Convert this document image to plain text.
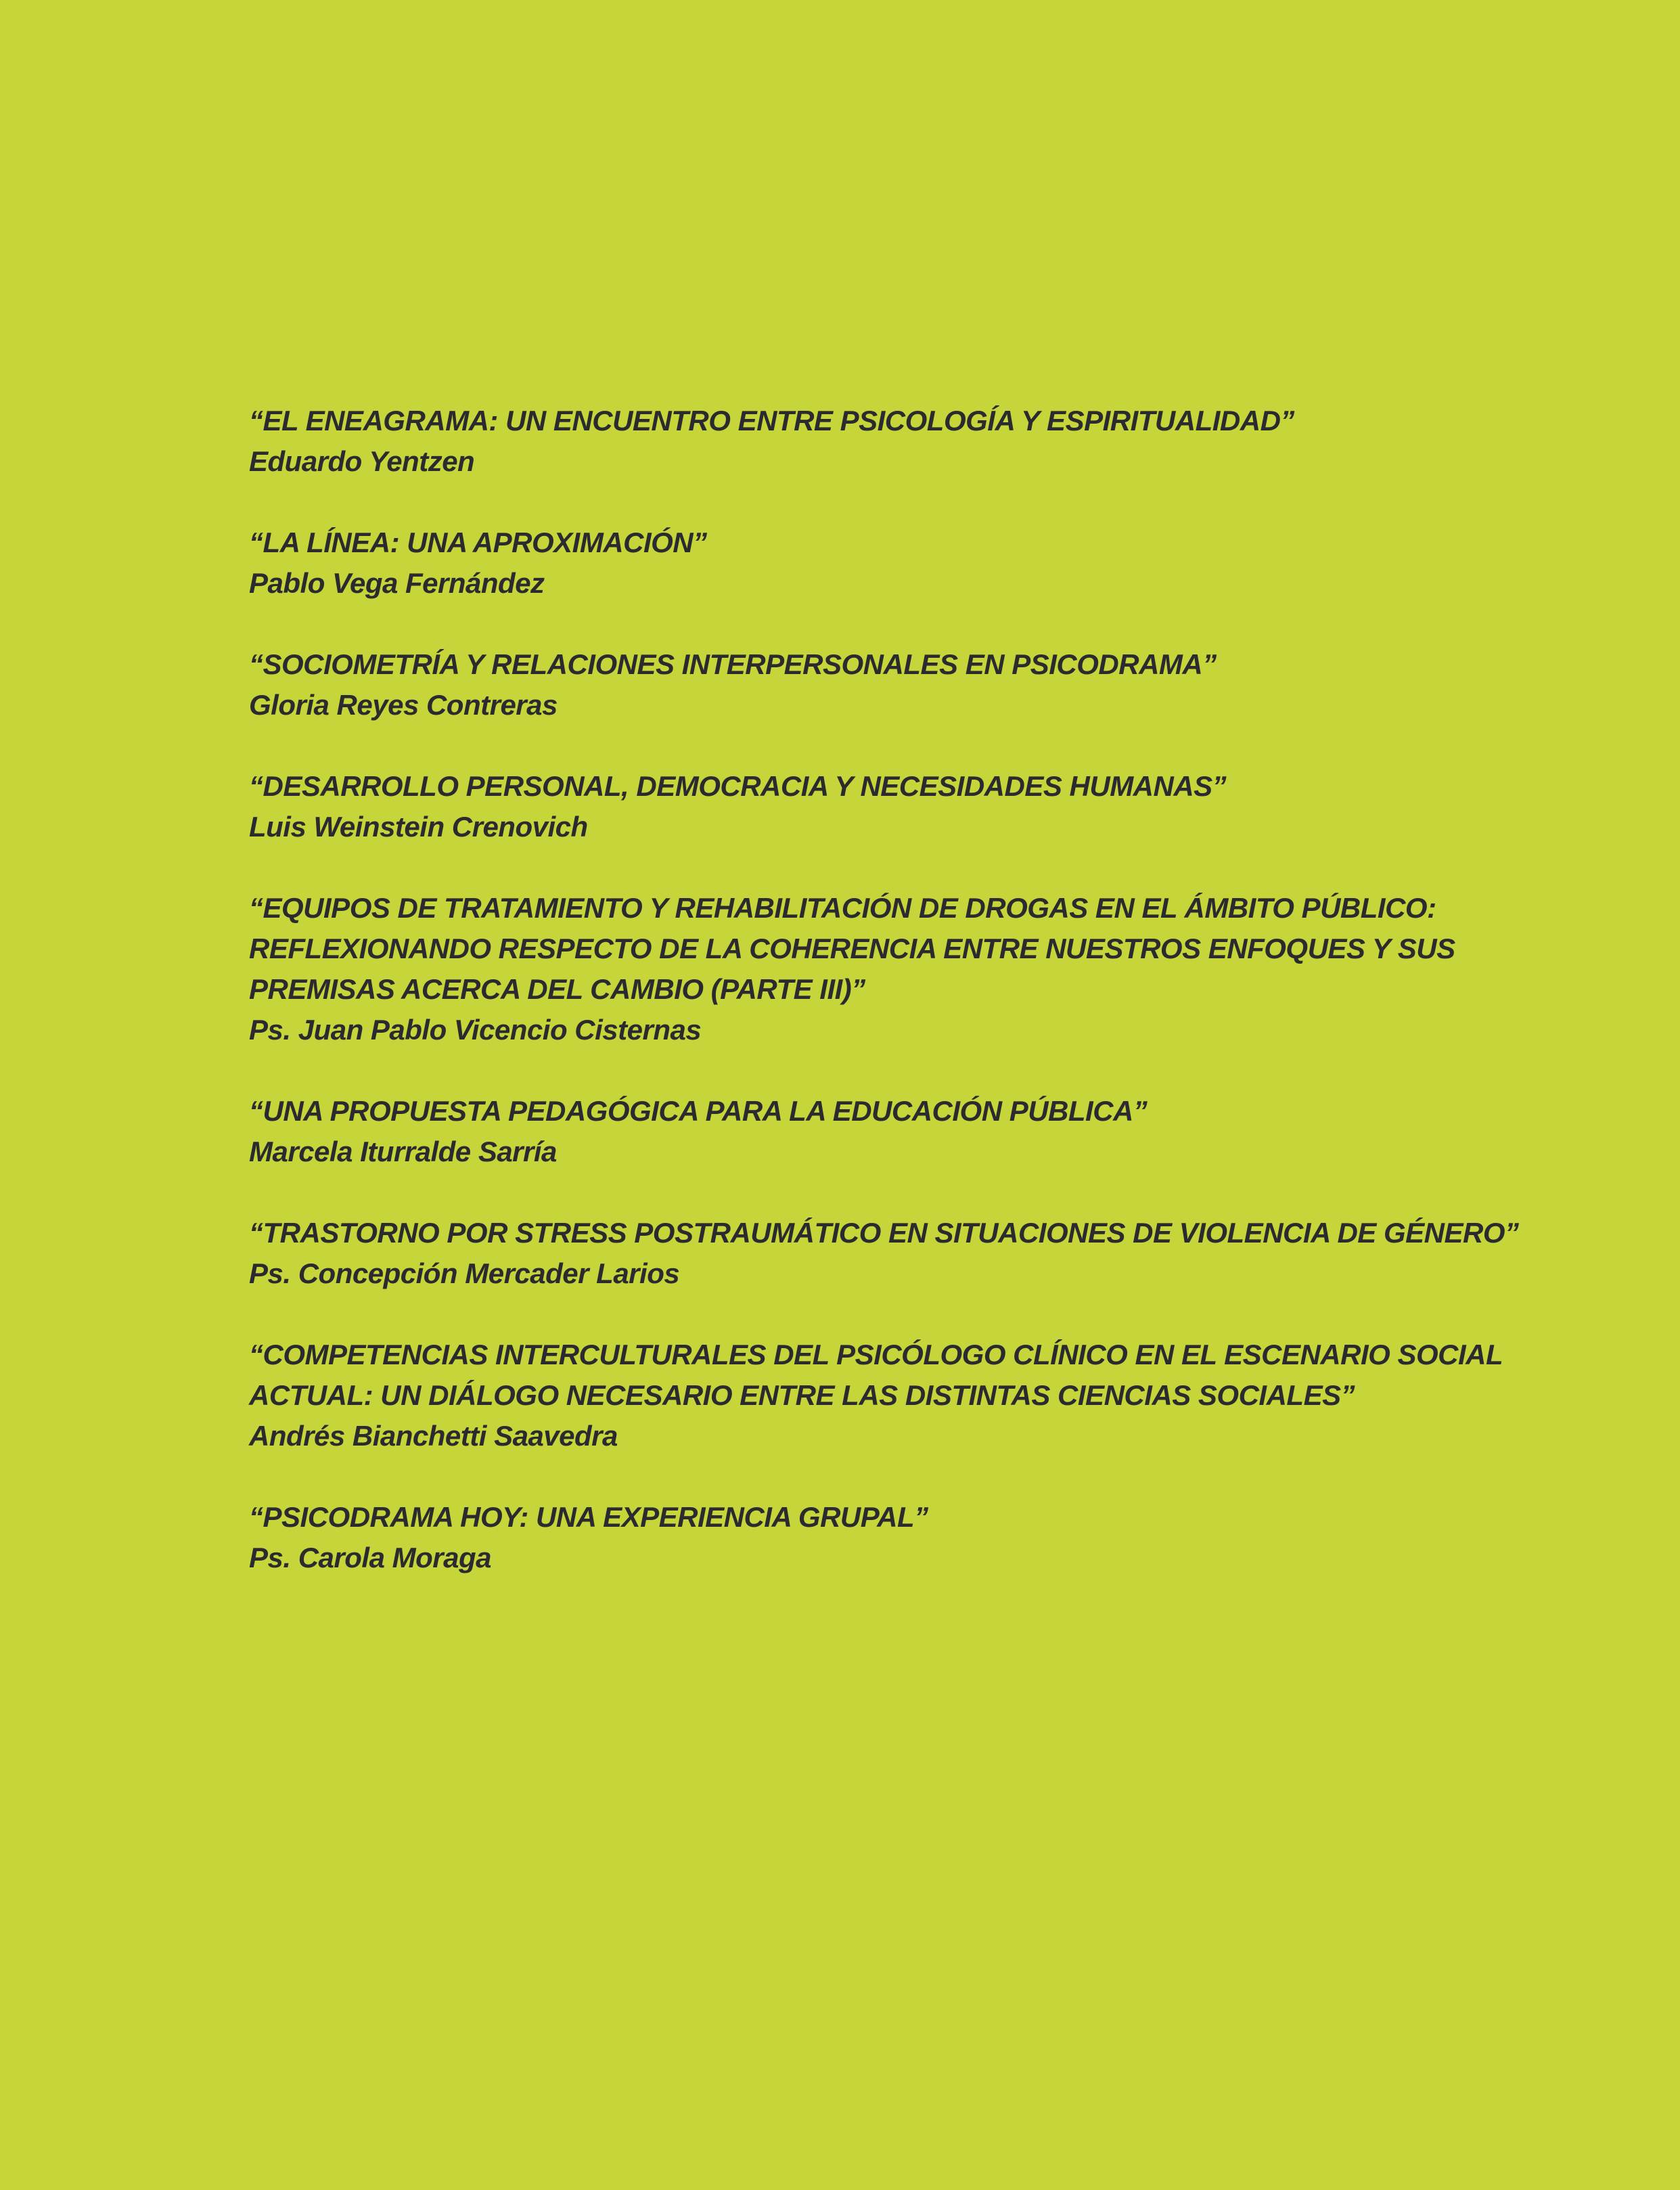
“EL ENEAGRAMA: UN ENCUENTRO ENTRE PSICOLOGÍA Y ESPIRITUALIDAD”
Eduardo Yentzen
“LA LÍNEA: UNA APROXIMACIÓN”
Pablo Vega Fernández
“SOCIOMETRÍA Y RELACIONES INTERPERSONALES EN PSICODRAMA”
Gloria Reyes Contreras
“DESARROLLO PERSONAL, DEMOCRACIA Y NECESIDADES HUMANAS”
Luis Weinstein Crenovich
“EQUIPOS DE TRATAMIENTO Y REHABILITACIÓN DE DROGAS EN EL ÁMBITO PÚBLICO:
REFLEXIONANDO RESPECTO DE LA COHERENCIA ENTRE NUESTROS ENFOQUES Y SUS
PREMISAS ACERCA DEL CAMBIO (PARTE III)”
Ps. Juan Pablo Vicencio Cisternas
“UNA PROPUESTA PEDAGÓGICA PARA LA EDUCACIÓN PÚBLICA”
Marcela Iturralde Sarría
“TRASTORNO POR STRESS POSTRAUMÁTICO EN SITUACIONES DE VIOLENCIA DE GÉNERO”
Ps. Concepción Mercader Larios
“COMPETENCIAS INTERCULTURALES DEL PSICÓLOGO CLÍNICO EN EL ESCENARIO SOCIAL
ACTUAL: UN DIÁLOGO NECESARIO ENTRE LAS DISTINTAS CIENCIAS SOCIALES”
Andrés Bianchetti Saavedra
“PSICODRAMA HOY: UNA EXPERIENCIA GRUPAL”
Ps. Carola Moraga
